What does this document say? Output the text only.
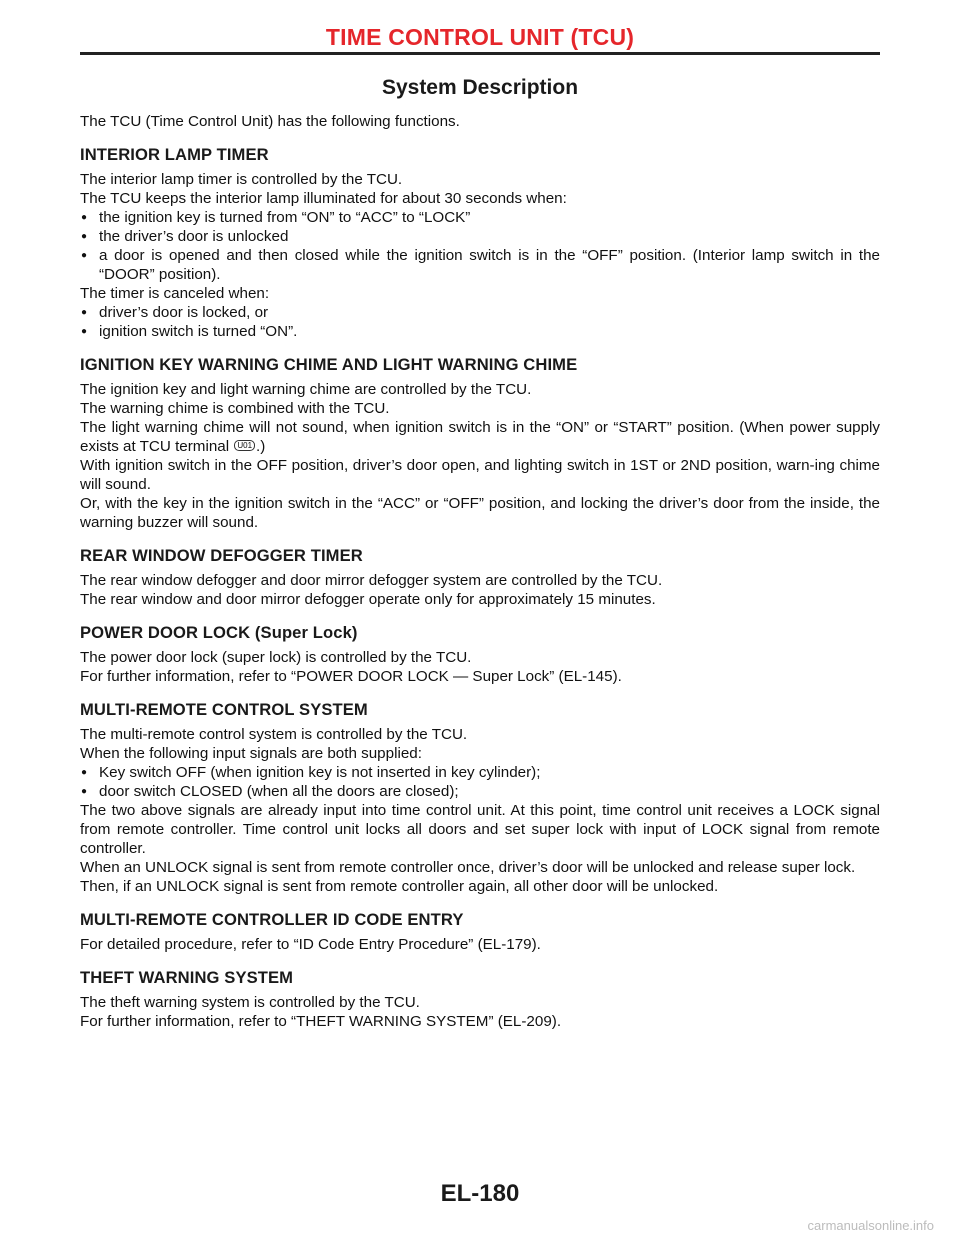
TIME CONTROL UNIT (TCU)
System Description
The TCU (Time Control Unit) has the following functions.
INTERIOR LAMP TIMER
The interior lamp timer is controlled by the TCU.
The TCU keeps the interior lamp illuminated for about 30 seconds when:
● the ignition key is turned from “ON” to “ACC” to “LOCK”
● the driver’s door is unlocked
● a door is opened and then closed while the ignition switch is in the “OFF” position. (Interior lamp switch in the “DOOR” position).
The timer is canceled when:
● driver’s door is locked, or
● ignition switch is turned “ON”.
IGNITION KEY WARNING CHIME AND LIGHT WARNING CHIME
The ignition key and light warning chime are controlled by the TCU.
The warning chime is combined with the TCU.
The light warning chime will not sound, when ignition switch is in the “ON” or “START” position. (When power supply exists at TCU terminal U01 .)
With ignition switch in the OFF position, driver’s door open, and lighting switch in 1ST or 2ND position, warn-ing chime will sound.
Or, with the key in the ignition switch in the “ACC” or “OFF” position, and locking the driver’s door from the inside, the warning buzzer will sound.
REAR WINDOW DEFOGGER TIMER
The rear window defogger and door mirror defogger system are controlled by the TCU.
The rear window and door mirror defogger operate only for approximately 15 minutes.
POWER DOOR LOCK (Super Lock)
The power door lock (super lock) is controlled by the TCU.
For further information, refer to “POWER DOOR LOCK — Super Lock” (EL-145).
MULTI-REMOTE CONTROL SYSTEM
The multi-remote control system is controlled by the TCU.
When the following input signals are both supplied:
● Key switch OFF (when ignition key is not inserted in key cylinder);
● door switch CLOSED (when all the doors are closed);
The two above signals are already input into time control unit. At this point, time control unit receives a LOCK signal from remote controller. Time control unit locks all doors and set super lock with input of LOCK signal from remote controller.
When an UNLOCK signal is sent from remote controller once, driver’s door will be unlocked and release super lock.
Then, if an UNLOCK signal is sent from remote controller again, all other door will be unlocked.
MULTI-REMOTE CONTROLLER ID CODE ENTRY
For detailed procedure, refer to “ID Code Entry Procedure” (EL-179).
THEFT WARNING SYSTEM
The theft warning system is controlled by the TCU.
For further information, refer to “THEFT WARNING SYSTEM” (EL-209).
EL-180
carmanualsonline.info
